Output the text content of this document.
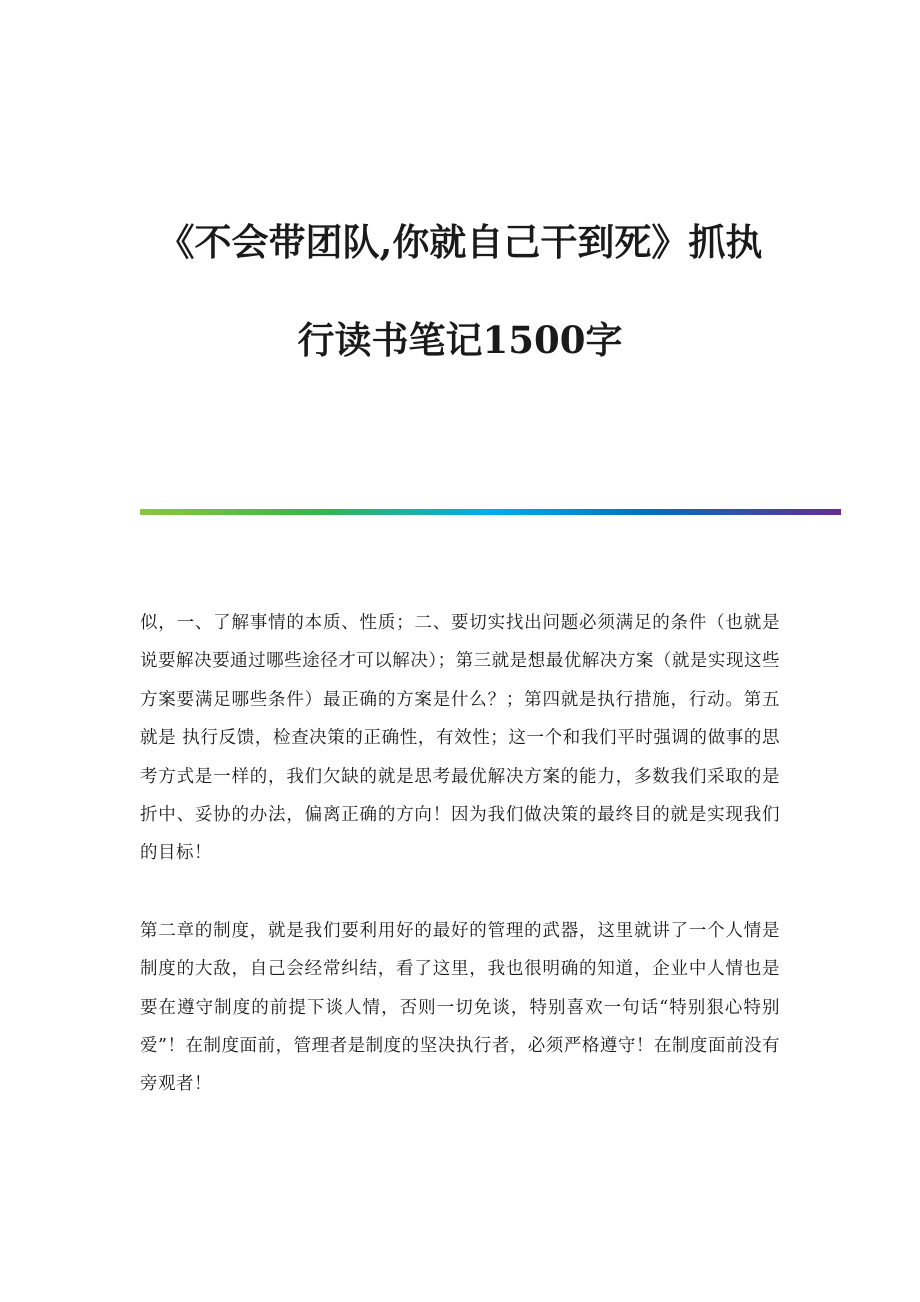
《不会带团队,你就自己干到死》抓执
行读书笔记1500字

似，一、了解事情的本质、性质；二、要切实找出问题必须满足的条件（也就是说要解决要通过哪些途径才可以解决）；第三就是想最优解决方案（就是实现这些方案要满足哪些条件）最正确的方案是什么？；第四就是执行措施，行动。第五就是 执行反馈，检查决策的正确性，有效性；这一个和我们平时强调的做事的思考方式是一样的，我们欠缺的就是思考最优解决方案的能力，多数我们采取的是折中、妥协的办法，偏离正确的方向！因为我们做决策的最终目的就是实现我们的目标！

第二章的制度，就是我们要利用好的最好的管理的武器，这里就讲了一个人情是制度的大敌，自己会经常纠结，看了这里，我也很明确的知道，企业中人情也是要在遵守制度的前提下谈人情，否则一切免谈，特别喜欢一句话“特别狠心特别爱”！在制度面前，管理者是制度的坚决执行者，必须严格遵守！在制度面前没有旁观者！
